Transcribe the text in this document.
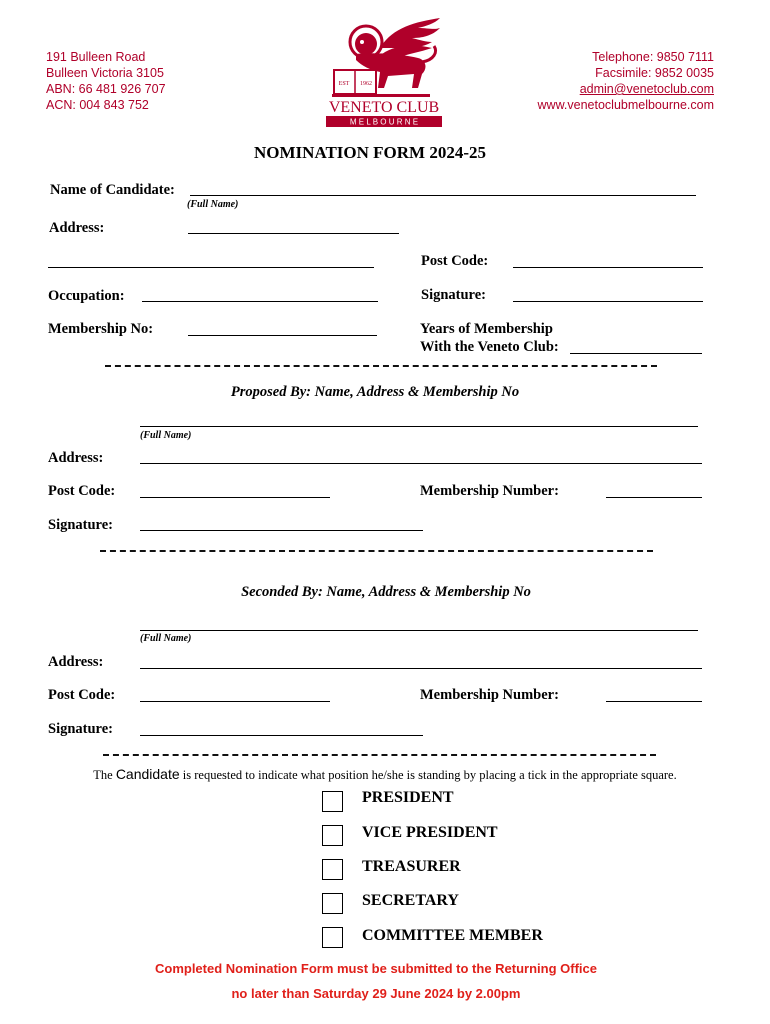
191 Bulleen Road
Bulleen Victoria 3105
ABN: 66 481 926 707
ACN: 004 843 752
Telephone: 9850 7111
Facsimile: 9852 0035
admin@venetoclub.com
www.venetoclubmelbourne.com
EST 1962
VENETO CLUB
M E L B O U R N E
NOMINATION FORM 2024-25
Name of Candidate:
(Full Name)
Address:
Post Code:
Occupation:	Signature:
Membership No:	Years of Membership
With the Veneto Club:
Proposed By: Name, Address & Membership No
(Full Name)
Address:
Post Code:	Membership Number:
Signature:
Seconded By: Name, Address & Membership No
(Full Name)
Address:
Post Code:	Membership Number:
Signature:
The Candidate is requested to indicate what position he/she is standing by placing a tick in the appropriate square.
PRESIDENT
VICE PRESIDENT
TREASURER
SECRETARY
COMMITTEE MEMBER
Completed Nomination Form must be submitted to the Returning Office
no later than Saturday 29 June 2024 by 2.00pm
